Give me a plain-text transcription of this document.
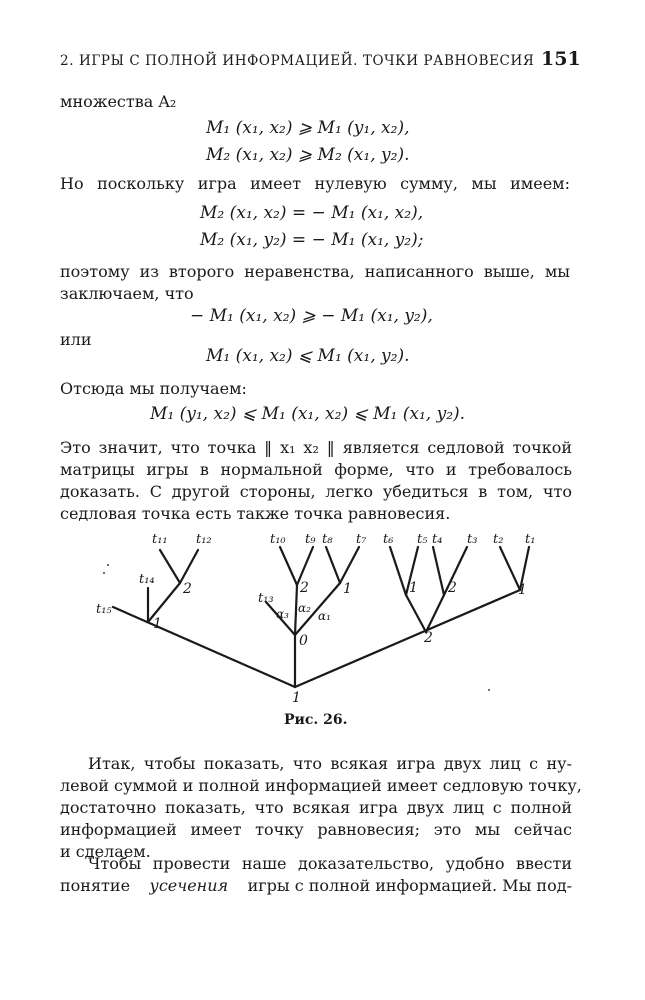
2. ИГРЫ С ПОЛНОЙ ИНФОРМАЦИЕЙ. ТОЧКИ РАВНОВЕСИЯ 151
множества A₂
M₁ (x₁, x₂) ⩾ M₁ (y₁, x₂),
M₂ (x₁, x₂) ⩾ M₂ (x₁, y₂).
Но поскольку игра имеет нулевую сумму, мы имеем:
M₂ (x₁, x₂) = − M₁ (x₁, x₂),
M₂ (x₁, y₂) = − M₁ (x₁, y₂);
поэтому из второго неравенства, написанного выше, мы
заключаем, что
− M₁ (x₁, x₂) ⩾ − M₁ (x₁, y₂),
или
M₁ (x₁, x₂) ⩽ M₁ (x₁, y₂).
Отсюда мы получаем:
M₁ (y₁, x₂) ⩽ M₁ (x₁, x₂) ⩽ M₁ (x₁, y₂).
Это значит, что точка ‖ x₁ x₂ ‖ является седловой точкой
матрицы игры в нормальной форме, что и требовалось
доказать. С другой стороны, легко убедиться в том, что
седловая точка есть также точка равновесия.
t₁₁ t₁₂	t₁₀ t₉ t₈ t₇ t₆ t₅ t₄ t₃ t₂ t₁
t₁₄
t₁₃
t₁₅
1
2
0
2 1	1 2	1
2
1
α₃ α₂
α₁
Рис. 26.
Итак, чтобы показать, что всякая игра двух лиц с ну-
левой суммой и полной информацией имеет седловую точку,
достаточно показать, что всякая игра двух лиц с полной
информацией имеет точку равновесия; это мы сейчас
и сделаем.
Чтобы провести наше доказательство, удобно ввести
понятие усечения игры с полной информацией. Мы под-
